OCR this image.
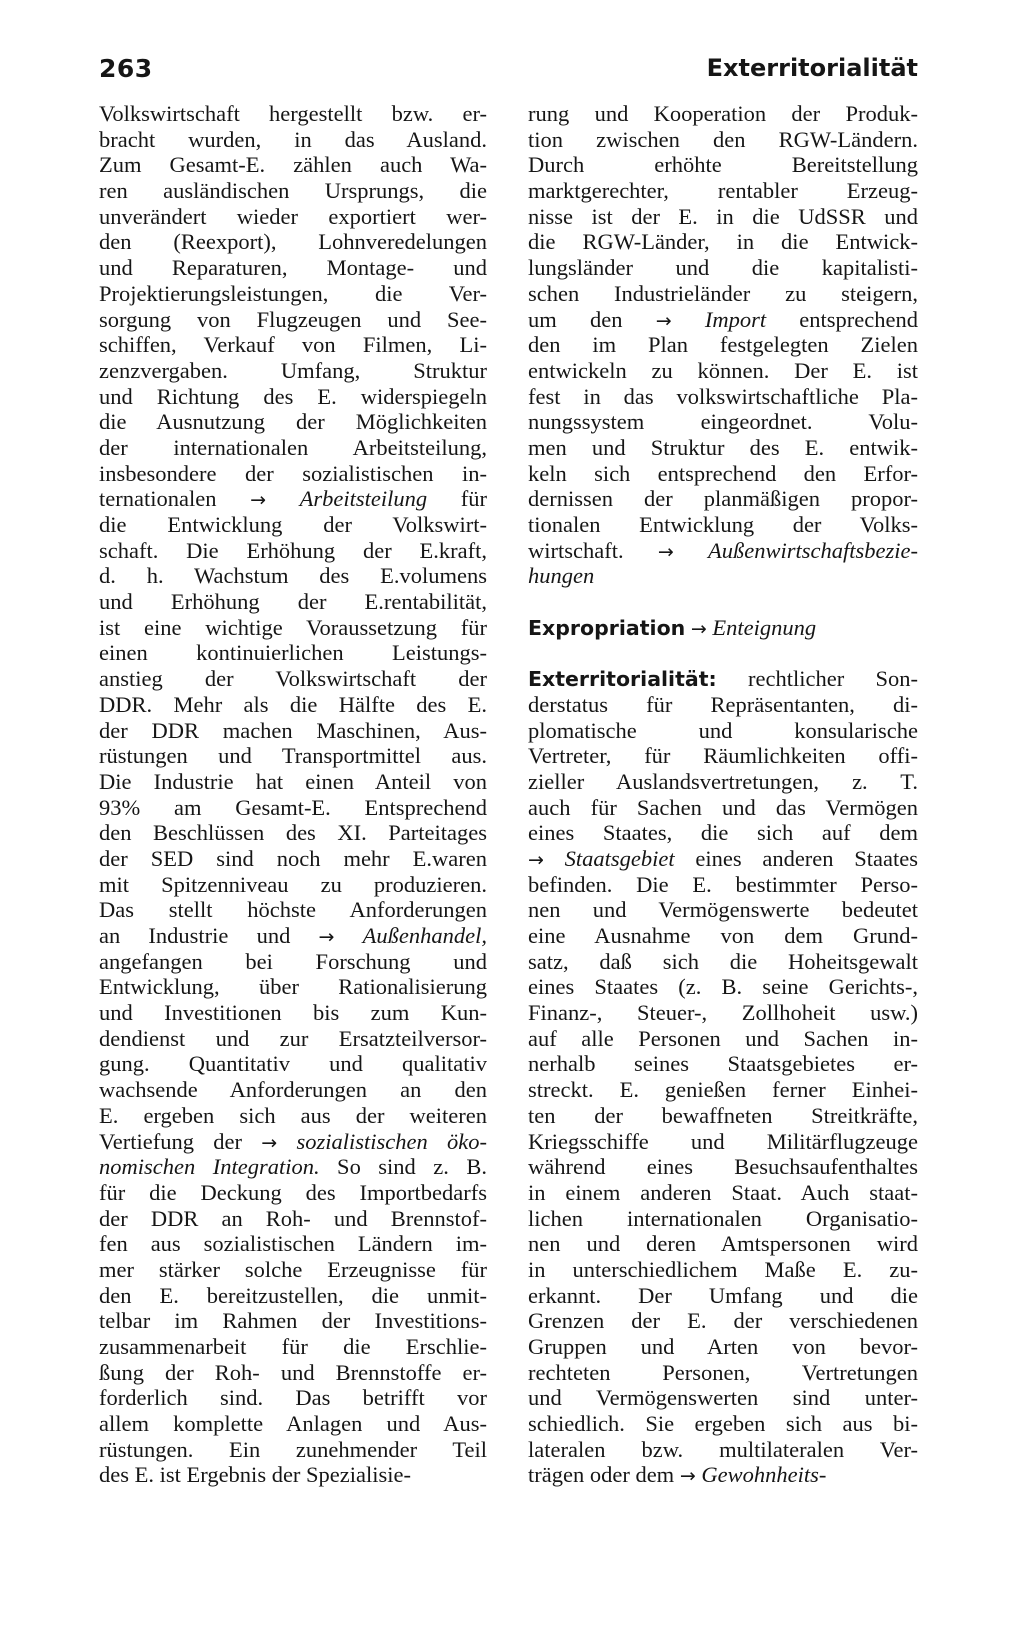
263	Exterritorialität
Volkswirtschaft hergestellt bzw. er-
bracht wurden, in das Ausland.
Zum Gesamt-E. zählen auch Wa-
ren ausländischen Ursprungs, die
unverändert wieder exportiert wer-
den (Reexport), Lohnveredelungen
und Reparaturen, Montage- und
Projektierungsleistungen, die Ver-
sorgung von Flugzeugen und See-
schiffen, Verkauf von Filmen, Li-
zenzvergaben. Umfang, Struktur
und Richtung des E. widerspiegeln
die Ausnutzung der Möglichkeiten
der internationalen Arbeitsteilung,
insbesondere der sozialistischen in-
ternationalen → Arbeitsteilung für
die Entwicklung der Volkswirt-
schaft. Die Erhöhung der E.kraft,
d. h. Wachstum des E.volumens
und Erhöhung der E.rentabilität,
ist eine wichtige Voraussetzung für
einen kontinuierlichen Leistungs-
anstieg der Volkswirtschaft der
DDR. Mehr als die Hälfte des E.
der DDR machen Maschinen, Aus-
rüstungen und Transportmittel aus.
Die Industrie hat einen Anteil von
93% am Gesamt-E. Entsprechend
den Beschlüssen des XI. Parteitages
der SED sind noch mehr E.waren
mit Spitzenniveau zu produzieren.
Das stellt höchste Anforderungen
an Industrie und → Außenhandel,
angefangen bei Forschung und
Entwicklung, über Rationalisierung
und Investitionen bis zum Kun-
dendienst und zur Ersatzteilversor-
gung. Quantitativ und qualitativ
wachsende Anforderungen an den
E. ergeben sich aus der weiteren
Vertiefung der → sozialistischen öko-
nomischen Integration. So sind z. B.
für die Deckung des Importbedarfs
der DDR an Roh- und Brennstof-
fen aus sozialistischen Ländern im-
mer stärker solche Erzeugnisse für
den E. bereitzustellen, die unmit-
telbar im Rahmen der Investitions-
zusammenarbeit für die Erschlie-
ßung der Roh- und Brennstoffe er-
forderlich sind. Das betrifft vor
allem komplette Anlagen und Aus-
rüstungen. Ein zunehmender Teil
des E. ist Ergebnis der Spezialisie-
rung und Kooperation der Produk-
tion zwischen den RGW-Ländern.
Durch erhöhte Bereitstellung
marktgerechter, rentabler Erzeug-
nisse ist der E. in die UdSSR und
die RGW-Länder, in die Entwick-
lungsländer und die kapitalisti-
schen Industrieländer zu steigern,
um den → Import entsprechend
den im Plan festgelegten Zielen
entwickeln zu können. Der E. ist
fest in das volkswirtschaftliche Pla-
nungssystem eingeordnet. Volu-
men und Struktur des E. entwik-
keln sich entsprechend den Erfor-
dernissen der planmäßigen propor-
tionalen Entwicklung der Volks-
wirtschaft. → Außenwirtschaftsbezie-
hungen
Expropriation → Enteignung
Exterritorialität: rechtlicher Son-
derstatus für Repräsentanten, di-
plomatische und konsularische
Vertreter, für Räumlichkeiten offi-
zieller Auslandsvertretungen, z. T.
auch für Sachen und das Vermögen
eines Staates, die sich auf dem
→ Staatsgebiet eines anderen Staates
befinden. Die E. bestimmter Perso-
nen und Vermögenswerte bedeutet
eine Ausnahme von dem Grund-
satz, daß sich die Hoheitsgewalt
eines Staates (z. B. seine Gerichts-,
Finanz-, Steuer-, Zollhoheit usw.)
auf alle Personen und Sachen in-
nerhalb seines Staatsgebietes er-
streckt. E. genießen ferner Einhei-
ten der bewaffneten Streitkräfte,
Kriegsschiffe und Militärflugzeuge
während eines Besuchsaufenthaltes
in einem anderen Staat. Auch staat-
lichen internationalen Organisatio-
nen und deren Amtspersonen wird
in unterschiedlichem Maße E. zu-
erkannt. Der Umfang und die
Grenzen der E. der verschiedenen
Gruppen und Arten von bevor-
rechteten Personen, Vertretungen
und Vermögenswerten sind unter-
schiedlich. Sie ergeben sich aus bi-
lateralen bzw. multilateralen Ver-
trägen oder dem → Gewohnheits-
